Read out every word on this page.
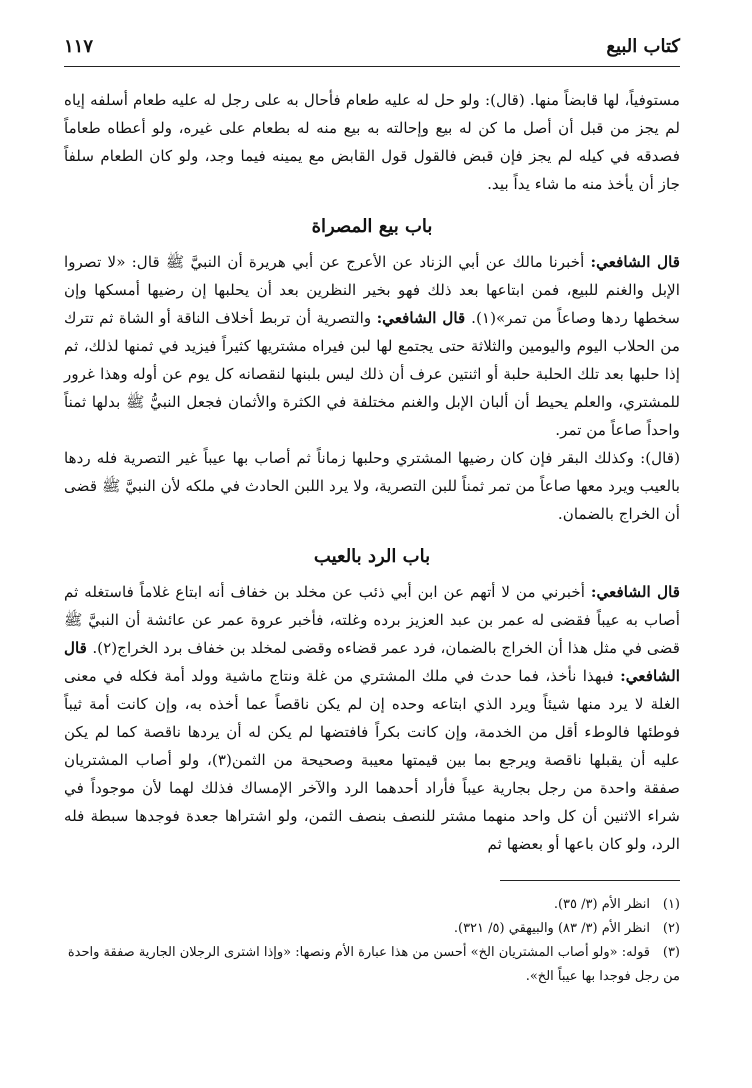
كتاب البيع
١١٧

مستوفياً، لها قابضاً منها. (قال): ولو حل له عليه طعام فأحال به على رجل له عليه طعام أسلفه إياه لم يجز من قبل أن أصل ما كن له بيع وإحالته به بيع منه له بطعام على غيره، ولو أعطاه طعاماً فصدقه في كيله لم يجز فإن قبض فالقول قول القابض مع يمينه فيما وجد، ولو كان الطعام سلفاً جاز أن يأخذ منه ما شاء يداً بيد.

باب بيع المصراة

قال الشافعي: أخبرنا مالك عن أبي الزناد عن الأعرج عن أبي هريرة أن النبيَّ ﷺ قال: «لا تصروا الإبل والغنم للبيع، فمن ابتاعها بعد ذلك فهو بخير النظرين بعد أن يحلبها إن رضيها أمسكها وإن سخطها ردها وصاعاً من تمر»(١). قال الشافعي: والتصرية أن تربط أخلاف الناقة أو الشاة ثم تترك من الحلاب اليوم واليومين والثلاثة حتى يجتمع لها لبن فيراه مشتريها كثيراً فيزيد في ثمنها لذلك، ثم إذا حلبها بعد تلك الحلبة حلبة أو اثنتين عرف أن ذلك ليس بلبنها لنقصانه كل يوم عن أوله وهذا غرور للمشتري، والعلم يحيط أن ألبان الإبل والغنم مختلفة في الكثرة والأثمان فجعل النبيُّ ﷺ بدلها ثمناً واحداً صاعاً من تمر.

(قال): وكذلك البقر فإن كان رضيها المشتري وحلبها زماناً ثم أصاب بها عيباً غير التصرية فله ردها بالعيب ويرد معها صاعاً من تمر ثمناً للبن التصرية، ولا يرد اللبن الحادث في ملكه لأن النبيَّ ﷺ قضى أن الخراج بالضمان.

باب الرد بالعيب

قال الشافعي: أخبرني من لا أتهم عن ابن أبي ذئب عن مخلد بن خفاف أنه ابتاع غلاماً فاستغله ثم أصاب به عيباً فقضى له عمر بن عبد العزيز برده وغلته، فأخبر عروة عمر عن عائشة أن النبيَّ ﷺ قضى في مثل هذا أن الخراج بالضمان، فرد عمر قضاءه وقضى لمخلد بن خفاف برد الخراج(٢). قال الشافعي: فبهذا نأخذ، فما حدث في ملك المشتري من غلة ونتاج ماشية وولد أمة فكله في معنى الغلة لا يرد منها شيئاً ويرد الذي ابتاعه وحده إن لم يكن ناقصاً عما أخذه به، وإن كانت أمة ثيباً فوطئها فالوطء أقل من الخدمة، وإن كانت بكراً فافتضها لم يكن له أن يردها ناقصة كما لم يكن عليه أن يقبلها ناقصة ويرجع بما بين قيمتها معيبة وصحيحة من الثمن(٣)، ولو أصاب المشتريان صفقة واحدة من رجل بجارية عيباً فأراد أحدهما الرد والآخر الإمساك فذلك لهما لأن موجوداً في شراء الاثنين أن كل واحد منهما مشتر للنصف بنصف الثمن، ولو اشتراها جعدة فوجدها سبطة فله الرد، ولو كان باعها أو بعضها ثم

(١)انظر الأم (٣/ ٣٥).
(٢)انظر الأم (٣/ ٨٣) والبيهقي (٥/ ٣٢١).
(٣)قوله: «ولو أصاب المشتريان الخ» أحسن من هذا عبارة الأم ونصها: «وإذا اشترى الرجلان الجارية صفقة واحدة من رجل فوجدا بها عيباً الخ».
